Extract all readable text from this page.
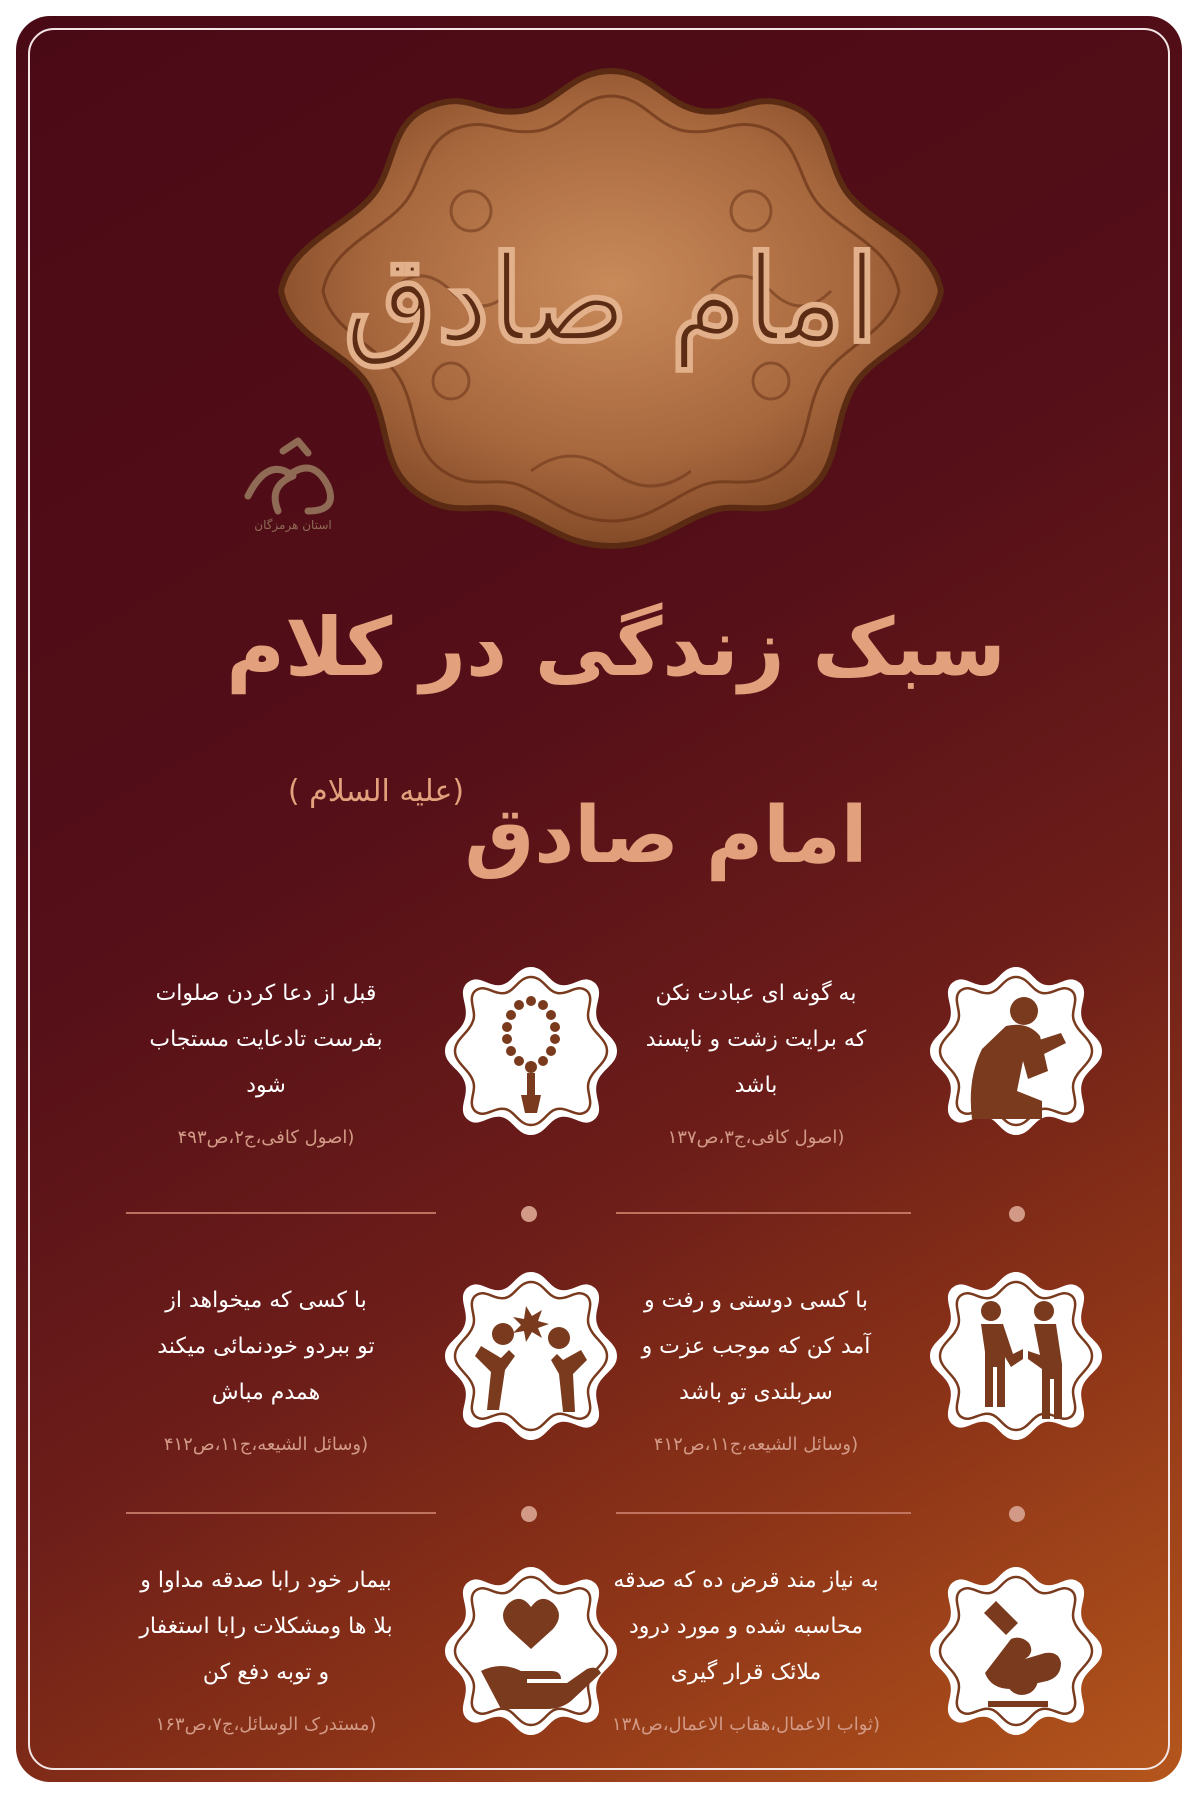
امام صادق
استان هرمزگان
سبک زندگی در کلام
(علیه السلام ) امام صادق
به گونه ای عبادت نکن
که برایت زشت و ناپسند
باشد
(اصول کافی،ج۳،ص۱۳۷
قبل از دعا کردن صلوات
بفرست تادعایت مستجاب
شود
(اصول کافی،ج۲،ص۴۹۳
با کسی دوستی و رفت و
آمد کن که موجب عزت و
سربلندی تو باشد
(وسائل الشیعه،ج۱۱،ص۴۱۲
با کسی که میخواهد از
تو ببردو خودنمائی میکند
همدم مباش
(وسائل الشیعه،ج۱۱،ص۴۱۲
به نیاز مند قرض ده که صدقه
محاسبه شده و مورد درود
ملائک قرار گیری
(ثواب الاعمال،هقاب الاعمال،ص۱۳۸
بیمار خود رابا صدقه مداوا و
بلا ها ومشکلات رابا استغفار
و توبه دفع کن
(مستدرک الوسائل،ج۷،ص۱۶۳
